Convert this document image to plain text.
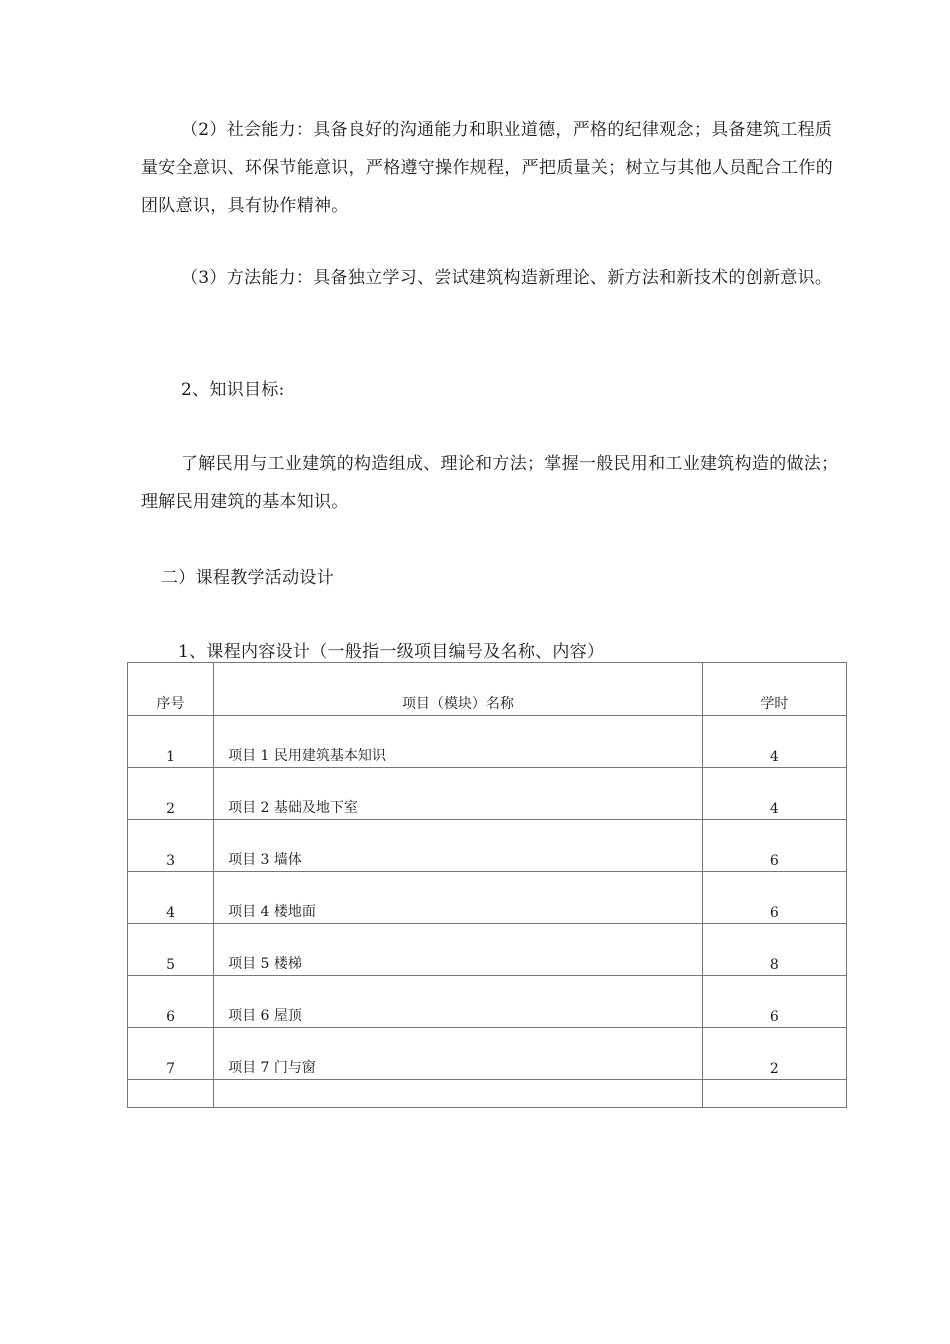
（2）社会能力：具备良好的沟通能力和职业道德，严格的纪律观念；具备建筑工程质量安全意识、环保节能意识，严格遵守操作规程，严把质量关；树立与其他人员配合工作的团队意识，具有协作精神。

（3）方法能力：具备独立学习、尝试建筑构造新理论、新方法和新技术的创新意识。

2、知识目标:

了解民用与工业建筑的构造组成、理论和方法；掌握一般民用和工业建筑构造的做法；理解民用建筑的基本知识。

二）课程教学活动设计

1、课程内容设计（一般指一级项目编号及名称、内容）

序号	项目（模块）名称	学时
1	项目 1 民用建筑基本知识	4
2	项目 2 基础及地下室	4
3	项目 3 墙体	6
4	项目 4 楼地面	6
5	项目 5 楼梯	8
6	项目 6 屋顶	6
7	项目 7 门与窗	2
